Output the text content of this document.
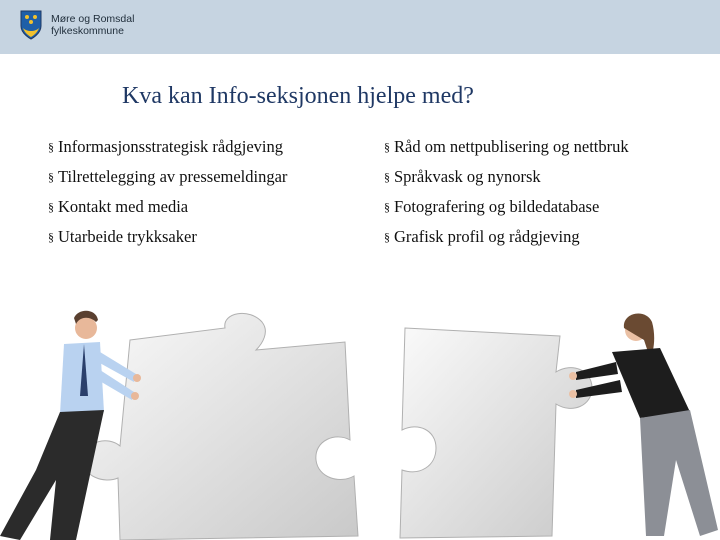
Møre og Romsdal
fylkeskommune
Kva kan Info-seksjonen hjelpe med?
§ Informasjonsstrategisk rådgjeving
§ Tilrettelegging av pressemeldingar
§ Kontakt med media
§ Utarbeide trykksaker
§ Råd om nettpublisering og nettbruk
§ Språkvask og nynorsk
§ Fotografering og bildedatabase
§ Grafisk profil og rådgjeving
